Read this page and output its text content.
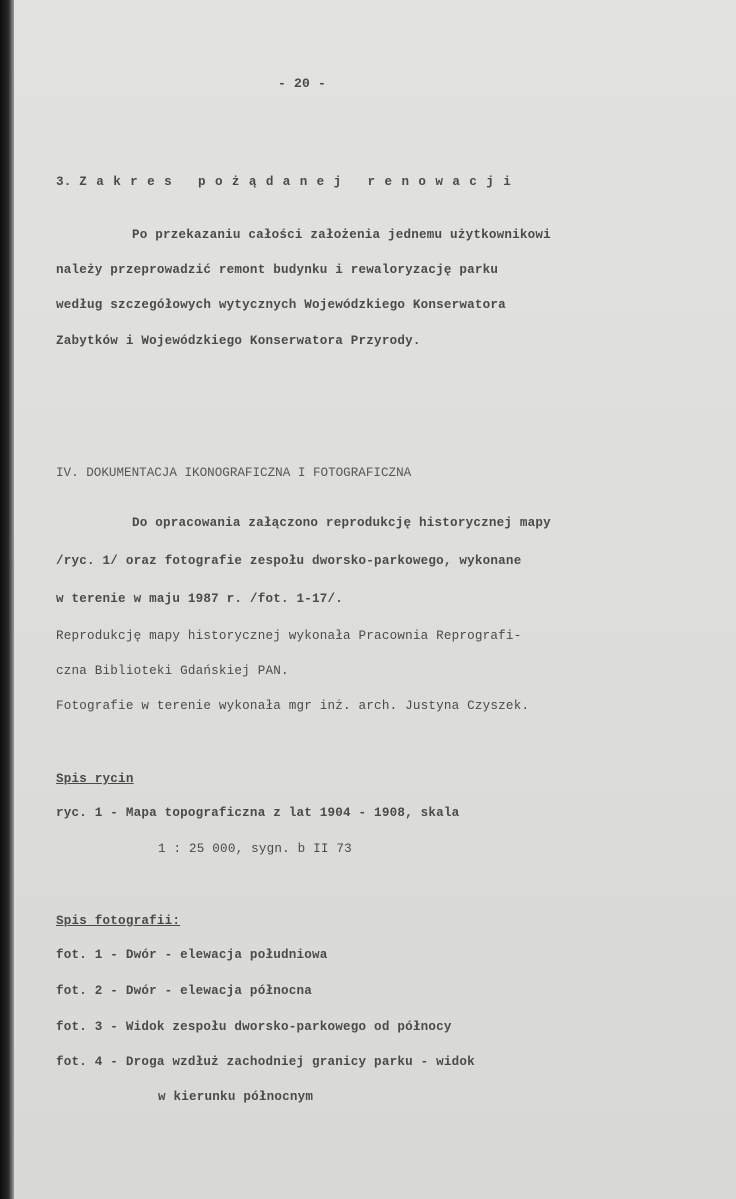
- 20 -
3. Zakres pożądanej renowacji
Po przekazaniu całości założenia jednemu użytkownikowi
należy przeprowadzić remont budynku i rewaloryzację parku
według szczegółowych wytycznych Wojewódzkiego Konserwatora
Zabytków i Wojewódzkiego Konserwatora Przyrody.
IV. DOKUMENTACJA IKONOGRAFICZNA I FOTOGRAFICZNA
Do opracowania załączono reprodukcję historycznej mapy
/ryc. 1/ oraz fotografie zespołu dworsko-parkowego, wykonane
w terenie w maju 1987 r. /fot. 1-17/.
Reprodukcję mapy historycznej wykonała Pracownia Reprografi-
czna Biblioteki Gdańskiej PAN.
Fotografie w terenie wykonała mgr inż. arch. Justyna Czyszek.
Spis rycin
ryc. 1 - Mapa topograficzna z lat 1904 - 1908, skala
1 : 25 000, sygn. b II 73
Spis fotografii:
fot. 1 - Dwór - elewacja południowa
fot. 2 - Dwór - elewacja północna
fot. 3 - Widok zespołu dworsko-parkowego od północy
fot. 4 - Droga wzdłuż zachodniej granicy parku - widok
w kierunku północnym
